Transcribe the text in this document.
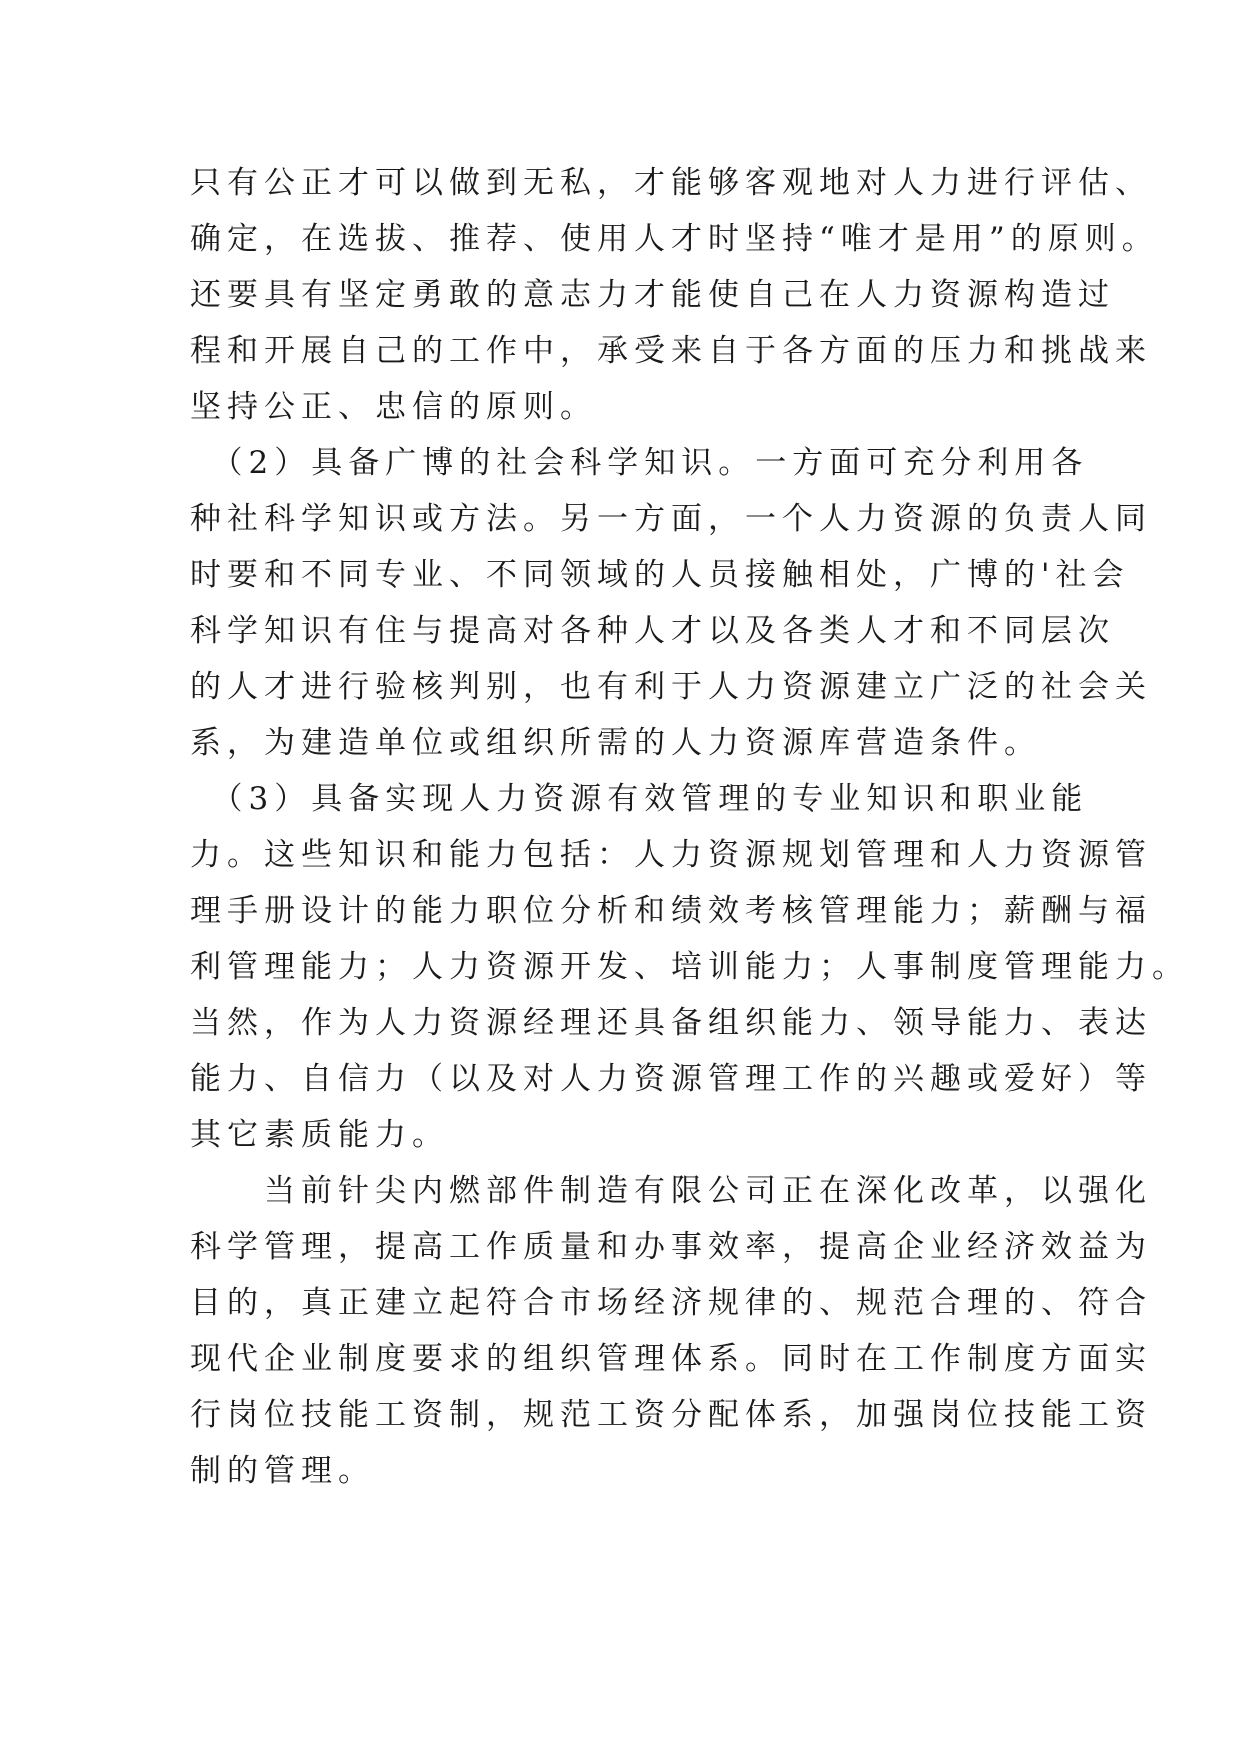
只有公正才可以做到无私，才能够客观地对人力进行评估、
确定，在选拔、推荐、使用人才时坚持“唯才是用”的原则。
还要具有坚定勇敢的意志力才能使自己在人力资源构造过
程和开展自己的工作中，承受来自于各方面的压力和挑战来
坚持公正、忠信的原则。
　（2）具备广博的社会科学知识。一方面可充分利用各
种社科学知识或方法。另一方面，一个人力资源的负责人同
时要和不同专业、不同领域的人员接触相处，广博的'社会
科学知识有住与提高对各种人才以及各类人才和不同层次
的人才进行验核判别，也有利于人力资源建立广泛的社会关
系，为建造单位或组织所需的人力资源库营造条件。
　（3）具备实现人力资源有效管理的专业知识和职业能
力。这些知识和能力包括：人力资源规划管理和人力资源管
理手册设计的能力职位分析和绩效考核管理能力；薪酬与福
利管理能力；人力资源开发、培训能力；人事制度管理能力。
当然，作为人力资源经理还具备组织能力、领导能力、表达
能力、自信力（以及对人力资源管理工作的兴趣或爱好）等
其它素质能力。
　　当前针尖内燃部件制造有限公司正在深化改革，以强化
科学管理，提高工作质量和办事效率，提高企业经济效益为
目的，真正建立起符合市场经济规律的、规范合理的、符合
现代企业制度要求的组织管理体系。同时在工作制度方面实
行岗位技能工资制，规范工资分配体系，加强岗位技能工资
制的管理。
